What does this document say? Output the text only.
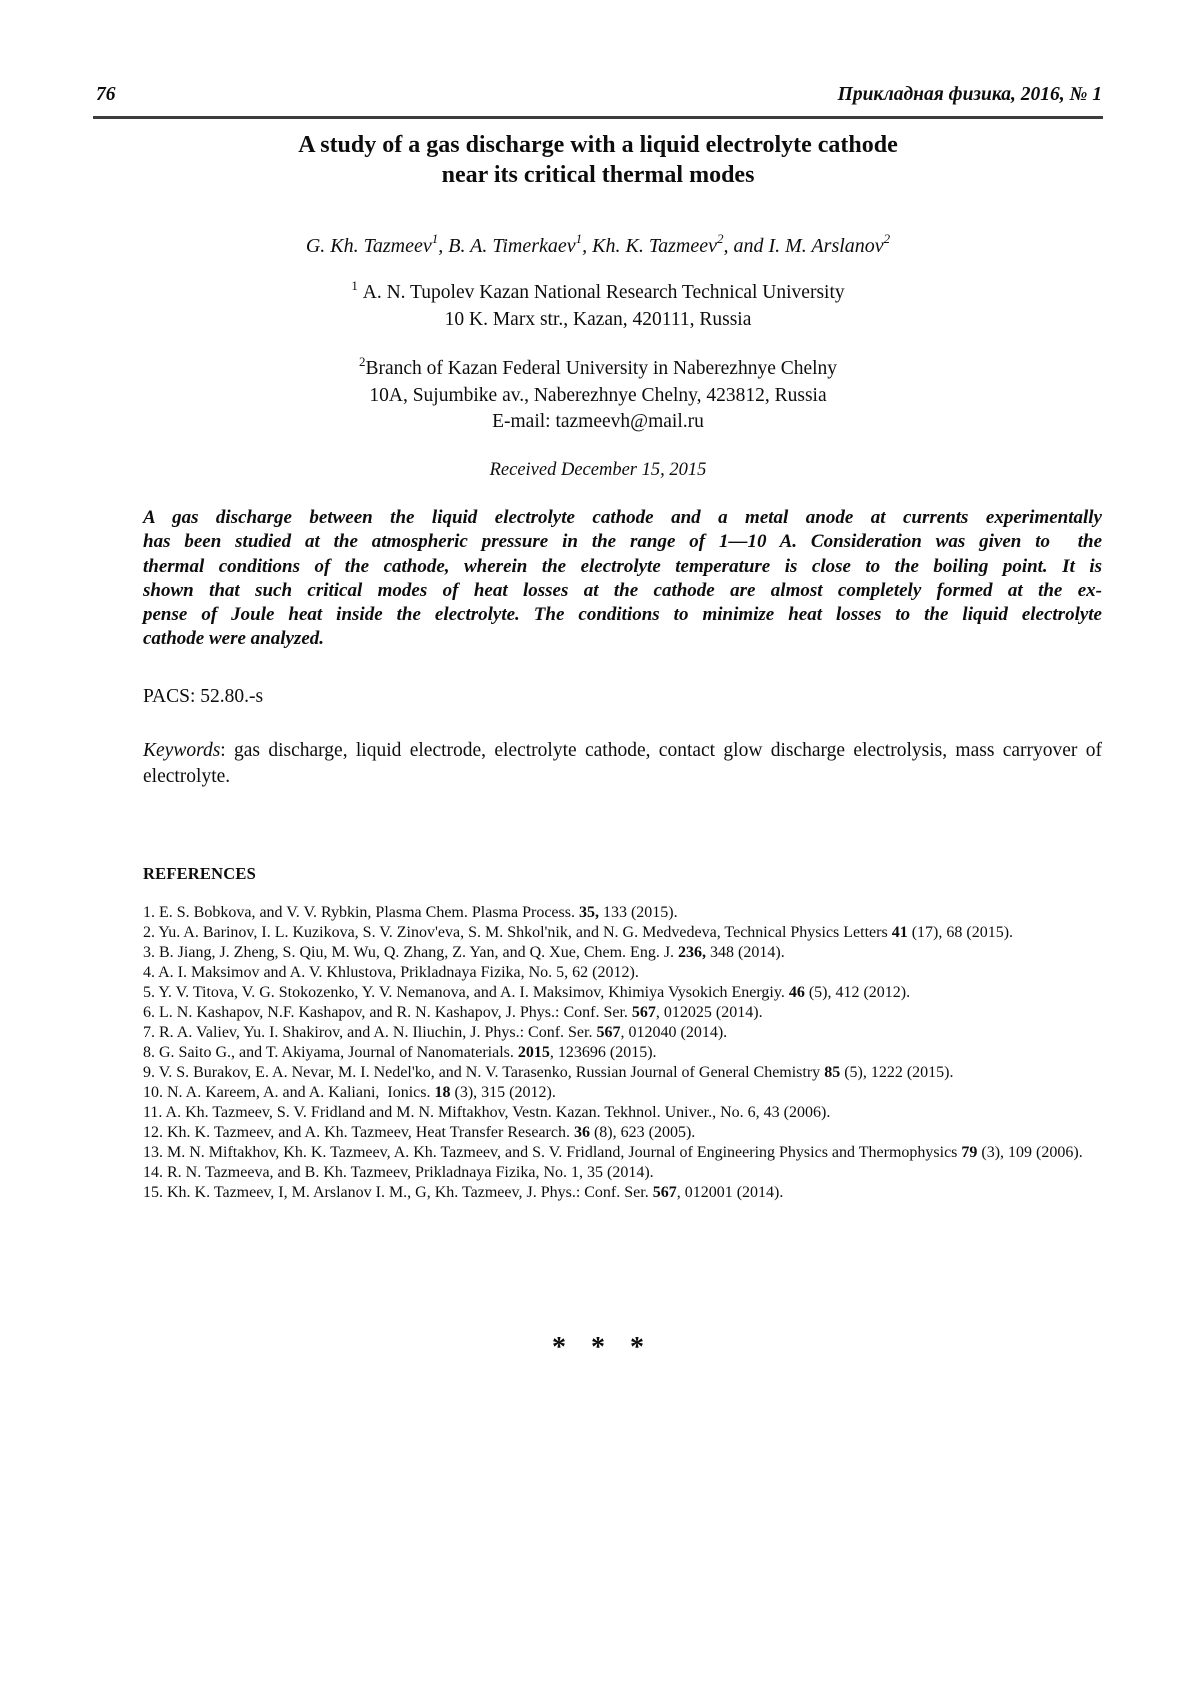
76	Прикладная физика, 2016, № 1
A study of a gas discharge with a liquid electrolyte cathode
near its critical thermal modes

G. Kh. Tazmeev$^1$, B. A. Timerkaev$^1$, Kh. K. Tazmeev$^2$, and I. M. Arslanov$^2$

$^1$ A. N. Tupolev Kazan National Research Technical University
10 K. Marx str., Kazan, 420111, Russia
$^2$Branch of Kazan Federal University in Naberezhnye Chelny
10A, Sujumbike av., Naberezhnye Chelny, 423812, Russia
E-mail: tazmeevh@mail.ru

Received December 15, 2015

A gas discharge between the liquid electrolyte cathode and a metal anode at currents experimentally
has been studied at the atmospheric pressure in the range of 1—10 A. Consideration was given to  the
thermal conditions of the cathode, wherein the electrolyte temperature is close to the boiling point. It is
shown that such critical modes of heat losses at the cathode are almost completely formed at the ex-
pense of Joule heat inside the electrolyte. The conditions to minimize heat losses to the liquid electrolyte
cathode were analyzed.

PACS: 52.80.-s

Keywords: gas discharge, liquid electrode, electrolyte cathode, contact glow discharge electrolysis, mass carryover of electrolyte.

REFERENCES
1. E. S. Bobkova, and V. V. Rybkin, Plasma Chem. Plasma Process. 35, 133 (2015).
2. Yu. A. Barinov, I. L. Kuzikova, S. V. Zinov'eva, S. M. Shkol'nik, and N. G. Medvedeva, Technical Physics Letters 41 (17), 68 (2015).
3. B. Jiang, J. Zheng, S. Qiu, M. Wu, Q. Zhang, Z. Yan, and Q. Xue, Chem. Eng. J. 236, 348 (2014).
4. A. I. Maksimov and A. V. Khlustova, Prikladnaya Fizika, No. 5, 62 (2012).
5. Y. V. Titova, V. G. Stokozenko, Y. V. Nemanova, and A. I. Maksimov, Khimiya Vysokich Energiy. 46 (5), 412 (2012).
6. L. N. Kashapov, N.F. Kashapov, and R. N. Kashapov, J. Phys.: Conf. Ser. 567, 012025 (2014).
7. R. A. Valiev, Yu. I. Shakirov, and A. N. Iliuchin, J. Phys.: Conf. Ser. 567, 012040 (2014).
8. G. Saito G., and T. Akiyama, Journal of Nanomaterials. 2015, 123696 (2015).
9. V. S. Burakov, E. A. Nevar, M. I. Nedel'ko, and N. V. Tarasenko, Russian Journal of General Chemistry 85 (5), 1222 (2015).
10. N. A. Kareem, A. and A. Kaliani,  Ionics. 18 (3), 315 (2012).
11. A. Kh. Tazmeev, S. V. Fridland and M. N. Miftakhov, Vestn. Kazan. Tekhnol. Univer., No. 6, 43 (2006).
12. Kh. K. Tazmeev, and A. Kh. Tazmeev, Heat Transfer Research. 36 (8), 623 (2005).
13. M. N. Miftakhov, Kh. K. Tazmeev, A. Kh. Tazmeev, and S. V. Fridland, Journal of Engineering Physics and Thermophysics 79 (3), 109 (2006).
14. R. N. Tazmeeva, and B. Kh. Tazmeev, Prikladnaya Fizika, No. 1, 35 (2014).
15. Kh. K. Tazmeev, I, M. Arslanov I. M., G, Kh. Tazmeev, J. Phys.: Conf. Ser. 567, 012001 (2014).
* * *
